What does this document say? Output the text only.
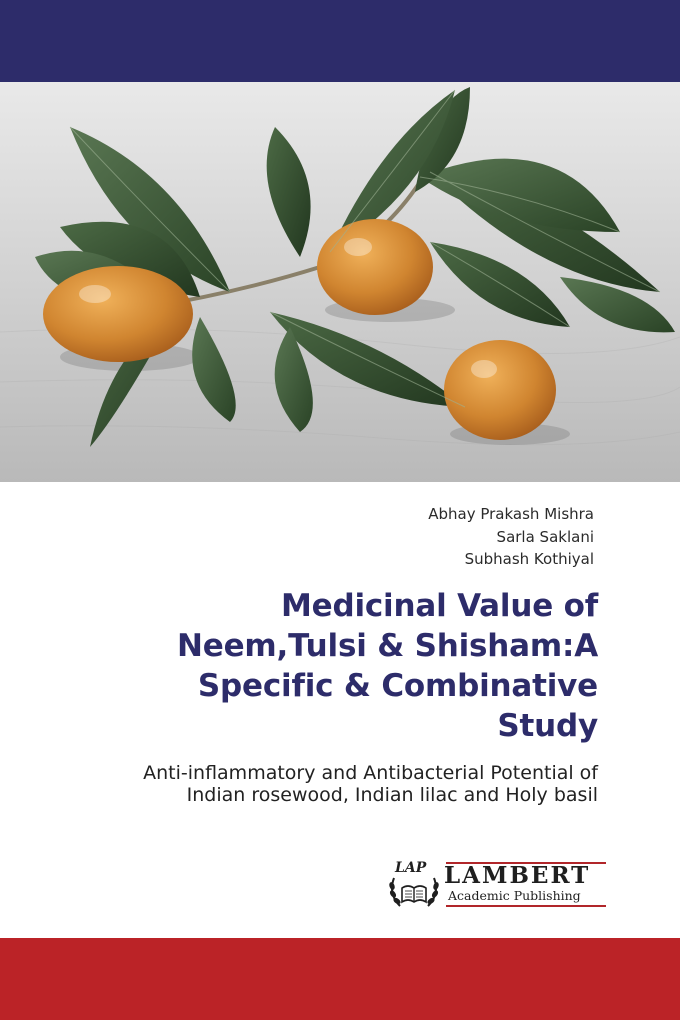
Abhay Prakash Mishra
Sarla Saklani
Subhash Kothiyal
Medicinal Value of
Neem,Tulsi & Shisham:A
Specific & Combinative
Study
Anti-inflammatory and Antibacterial Potential of
Indian rosewood, Indian lilac and Holy basil
LAP LAMBERT
Academic Publishing
